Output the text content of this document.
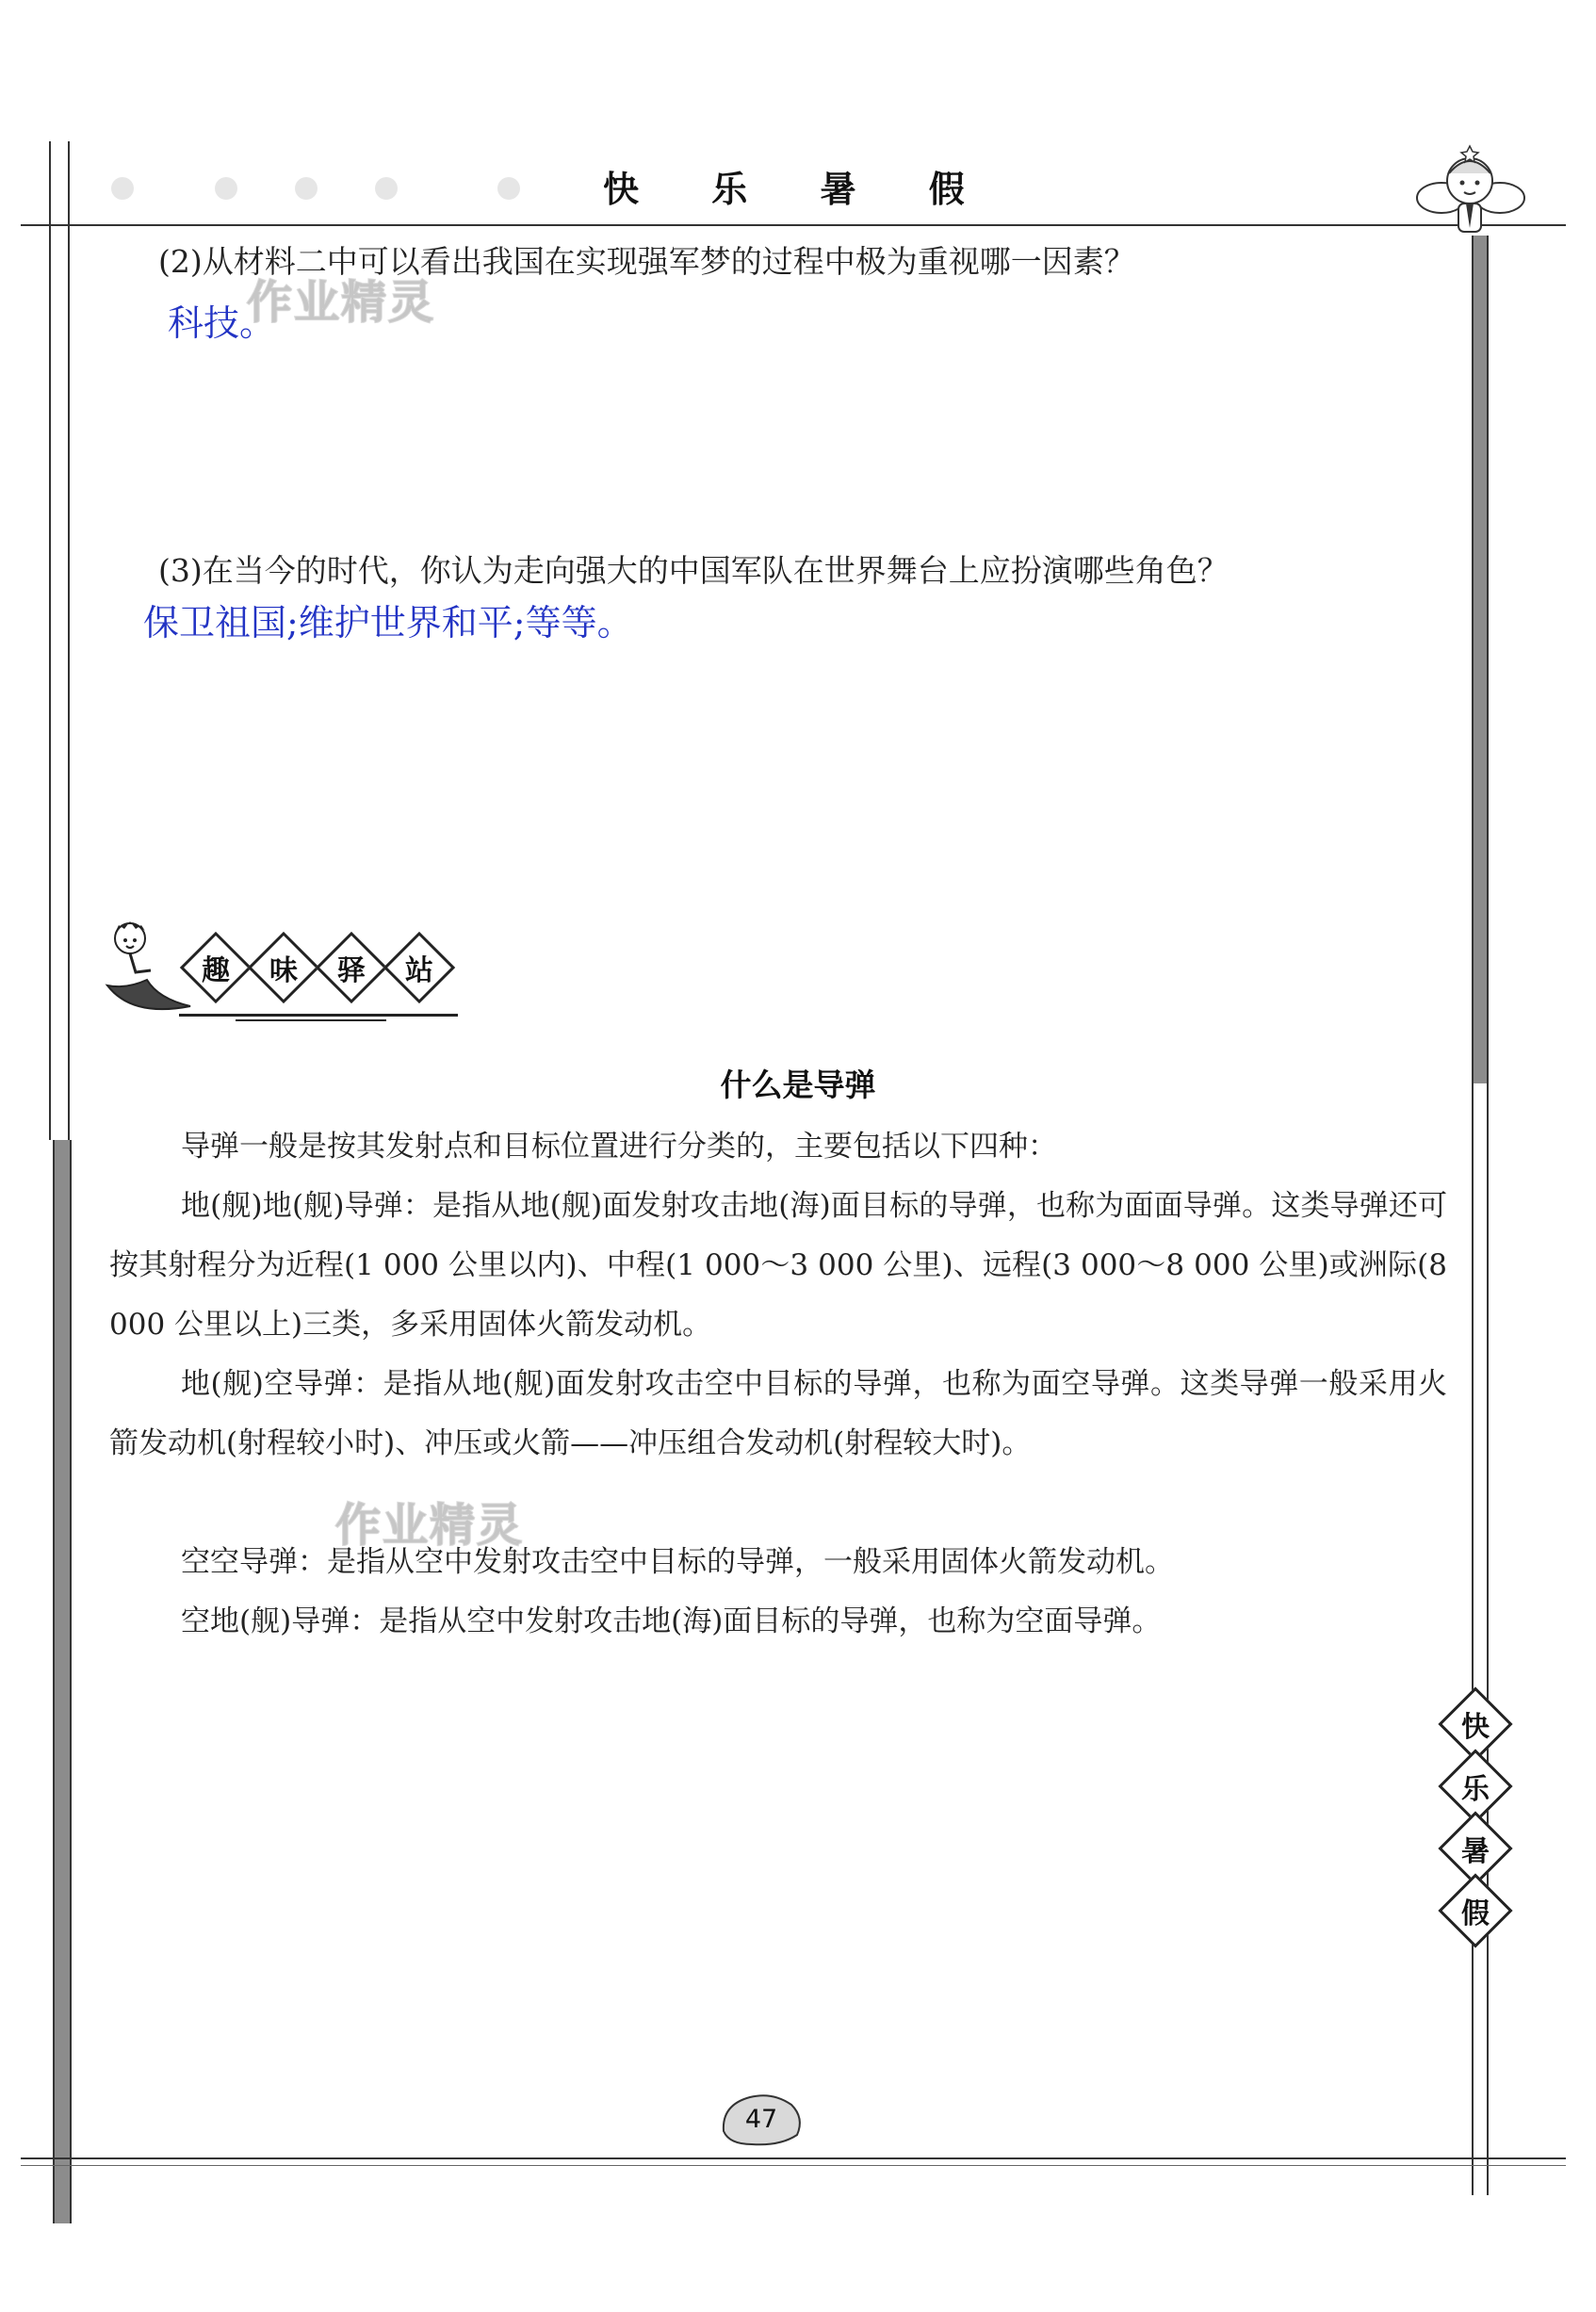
快 乐 暑 假
(2)从材料二中可以看出我国在实现强军梦的过程中极为重视哪一因素？
科技。
作业精灵
(3)在当今的时代，你认为走向强大的中国军队在世界舞台上应扮演哪些角色？
保卫祖国;维护世界和平;等等。
趣 味 驿 站
什么是导弹
导弹一般是按其发射点和目标位置进行分类的，主要包括以下四种：
地(舰)地(舰)导弹：是指从地(舰)面发射攻击地(海)面目标的导弹，也称为面面导弹。这类导弹还可按其射程分为近程(1 000 公里以内)、中程(1 000～3 000 公里)、远程(3 000～8 000 公里)或洲际(8 000 公里以上)三类，多采用固体火箭发动机。
地(舰)空导弹：是指从地(舰)面发射攻击空中目标的导弹，也称为面空导弹。这类导弹一般采用火箭发动机(射程较小时)、冲压或火箭——冲压组合发动机(射程较大时)。
作业精灵
空空导弹：是指从空中发射攻击空中目标的导弹，一般采用固体火箭发动机。
空地(舰)导弹：是指从空中发射攻击地(海)面目标的导弹，也称为空面导弹。
快
乐
暑
假
47
